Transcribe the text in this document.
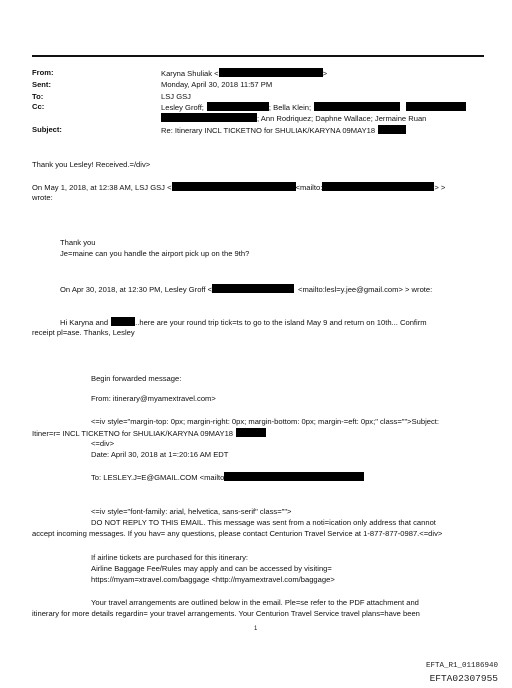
From:	Karyna Shuliak <	>
Sent:	Monday, April 30, 2018 11:57 PM
To:	LSJ GSJ
Cc:	Lesley Groff;	; Bella Klein;
; Ann Rodriquez; Daphne Wallace; Jermaine Ruan
Subject:	Re: Itinerary INCL TICKETNO for SHULIAK/KARYNA 09MAY18
Thank you Lesley! Received.=/div>
On May 1, 2018, at 12:38 AM, LSJ GSJ <	<mailto:	> >
wrote:
Thank you
Je=maine can you handle the airport pick up on the 9th?
On Apr 30, 2018, at 12:30 PM, Lesley Groff <	<mailto:lesl=y.jee@gmail.com> > wrote:
Hi Karyna and	..here are your round trip tick=ts to go to the island May 9 and return on 10th... Confirm
receipt pl=ase. Thanks, Lesley
Begin forwarded message:
From: itinerary@myamextravel.com>
<=iv style="margin-top: 0px; margin-right: 0px; margin-bottom: 0px; margin-=eft: 0px;" class="">Subject:
Itiner=r= INCL TICKETNO for SHULIAK/KARYNA 09MAY18
<=div>
Date: April 30, 2018 at 1=:20:16 AM EDT
To: LESLEY.J=E@GMAIL.COM <mailto
<=iv style="font-family: arial, helvetica, sans-serif" class="">
DO NOT REPLY TO THIS EMAIL. This message was sent from a noti=ication only address that cannot
accept incoming messages. If you hav= any questions, please contact Centurion Travel Service at 1-877-877-0987.<=div>
If airline tickets are purchased for this itinerary:
Airline Baggage Fee/Rules may apply and can be accessed by visiting=
https://myam=xtravel.com/baggage <http://myamextravel.com/baggage>
Your travel arrangements are outlined below in the email. Ple=se refer to the PDF attachment and
itinerary for more details regardin= your travel arrangements. Your Centurion Travel Service travel plans=have been
1
EFTA_R1_01186940
EFTA02307955
